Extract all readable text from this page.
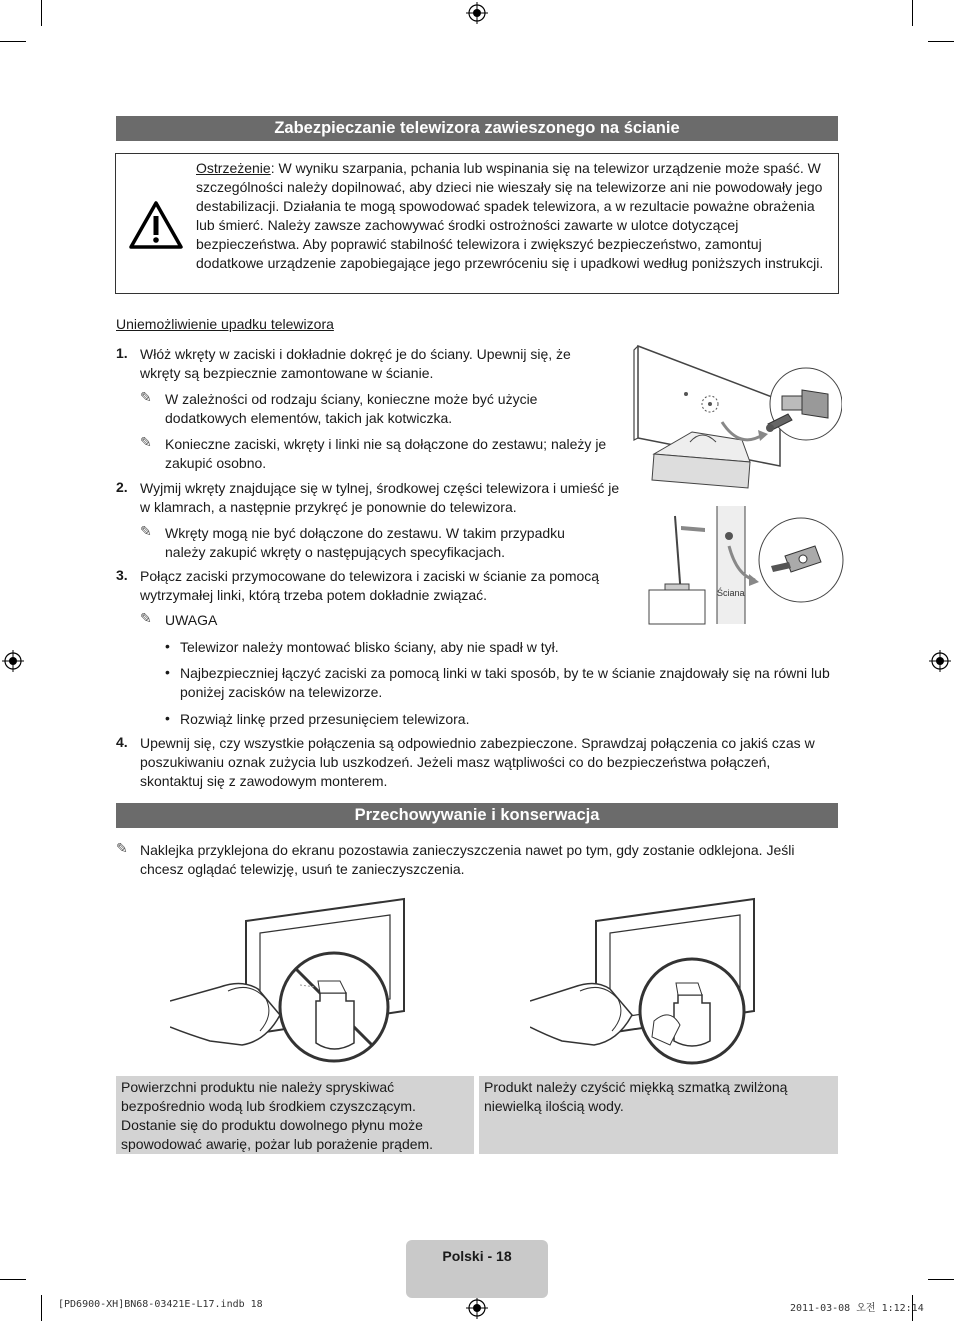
Zabezpieczanie telewizora zawieszonego na ścianie
Ostrzeżenie: W wyniku szarpania, pchania lub wspinania się na telewizor urządzenie może spaść. W szczególności należy dopilnować, aby dzieci nie wieszały się na telewizorze ani nie powodowały jego destabilizacji. Działania te mogą spowodować spadek telewizora, a w rezultacie poważne obrażenia lub śmierć. Należy zawsze zachowywać środki ostrożności zawarte w ulotce dotyczącej bezpieczeństwa. Aby poprawić stabilność telewizora i zwiększyć bezpieczeństwo, zamontuj dodatkowe urządzenie zapobiegające jego przewróceniu się i upadkowi według poniższych instrukcji.
Uniemożliwienie upadku telewizora
1. Włóż wkręty w zaciski i dokładnie dokręć je do ściany. Upewnij się, że wkręty są bezpiecznie zamontowane w ścianie.
✎ W zależności od rodzaju ściany, konieczne może być użycie dodatkowych elementów, takich jak kotwiczka.
✎ Konieczne zaciski, wkręty i linki nie są dołączone do zestawu; należy je zakupić osobno.
2. Wyjmij wkręty znajdujące się w tylnej, środkowej części telewizora i umieść je w klamrach, a następnie przykręć je ponownie do telewizora.
✎ Wkręty mogą nie być dołączone do zestawu. W takim przypadku należy zakupić wkręty o następujących specyfikacjach.
3. Połącz zaciski przymocowane do telewizora i zaciski w ścianie za pomocą wytrzymałej linki, którą trzeba potem dokładnie związać.
✎ UWAGA
• Telewizor należy montować blisko ściany, aby nie spadł w tył.
• Najbezpieczniej łączyć zaciski za pomocą linki w taki sposób, by te w ścianie znajdowały się na równi lub poniżej zacisków na telewizorze.
• Rozwiąż linkę przed przesunięciem telewizora.
4. Upewnij się, czy wszystkie połączenia są odpowiednio zabezpieczone. Sprawdzaj połączenia co jakiś czas w poszukiwaniu oznak zużycia lub uszkodzeń. Jeżeli masz wątpliwości co do bezpieczeństwa połączeń, skontaktuj się z zawodowym monterem.
Ściana
Przechowywanie i konserwacja
✎ Naklejka przyklejona do ekranu pozostawia zanieczyszczenia nawet po tym, gdy zostanie odklejona. Jeśli chcesz oglądać telewizję, usuń te zanieczyszczenia.
Powierzchni produktu nie należy spryskiwać bezpośrednio wodą lub środkiem czyszczącym. Dostanie się do produktu dowolnego płynu może spowodować awarię, pożar lub porażenie prądem.
Produkt należy czyścić miękką szmatką zwilżoną niewielką ilością wody.
Polski - 18
[PD6900-XH]BN68-03421E-L17.indb 18	2011-03-08 오전 1:12:14
